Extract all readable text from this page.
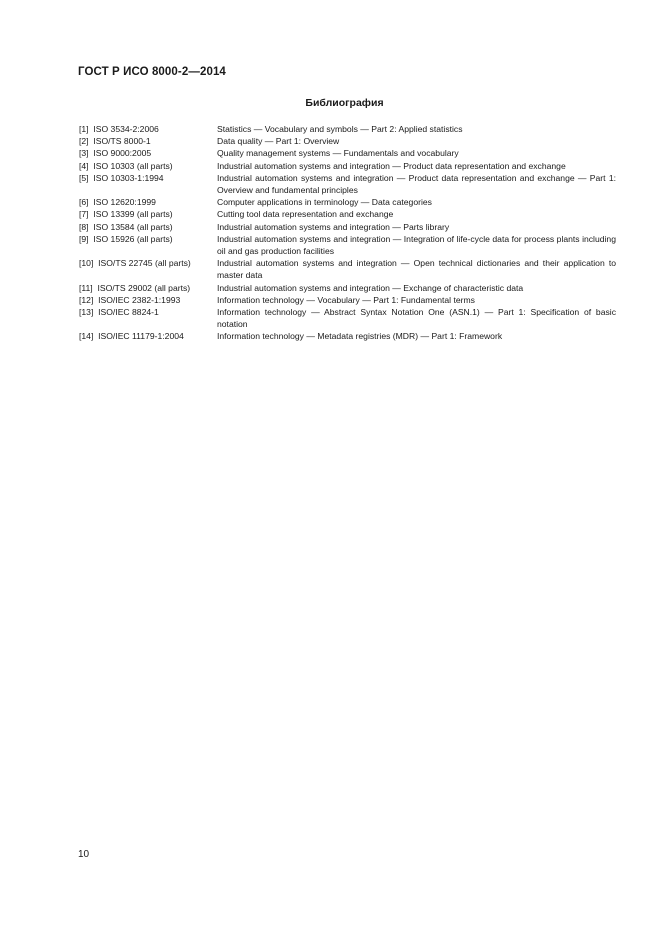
ГОСТ Р ИСО 8000-2—2014
Библиография
[1] ISO 3534-2:2006	Statistics — Vocabulary and symbols — Part 2: Applied statistics
[2] ISO/TS 8000-1	Data quality — Part 1: Overview
[3] ISO 9000:2005	Quality management systems — Fundamentals and vocabulary
[4] ISO 10303 (all parts)	Industrial automation systems and integration — Product data representation and exchange
[5] ISO 10303-1:1994	Industrial automation systems and integration — Product data representation and exchange — Part 1: Overview and fundamental principles
[6] ISO 12620:1999	Computer applications in terminology — Data categories
[7] ISO 13399 (all parts)	Cutting tool data representation and exchange
[8] ISO 13584 (all parts)	Industrial automation systems and integration — Parts library
[9] ISO 15926 (all parts)	Industrial automation systems and integration — Integration of life-cycle data for process plants including oil and gas production facilities
[10] ISO/TS 22745 (all parts)	Industrial automation systems and integration — Open technical dictionaries and their application to master data
[11] ISO/TS 29002 (all parts)	Industrial automation systems and integration — Exchange of characteristic data
[12] ISO/IEC 2382-1:1993	Information technology — Vocabulary — Part 1: Fundamental terms
[13] ISO/IEC 8824-1	Information technology — Abstract Syntax Notation One (ASN.1) — Part 1: Specification of basic notation
[14] ISO/IEC 11179-1:2004	Information technology — Metadata registries (MDR) — Part 1: Framework
10
